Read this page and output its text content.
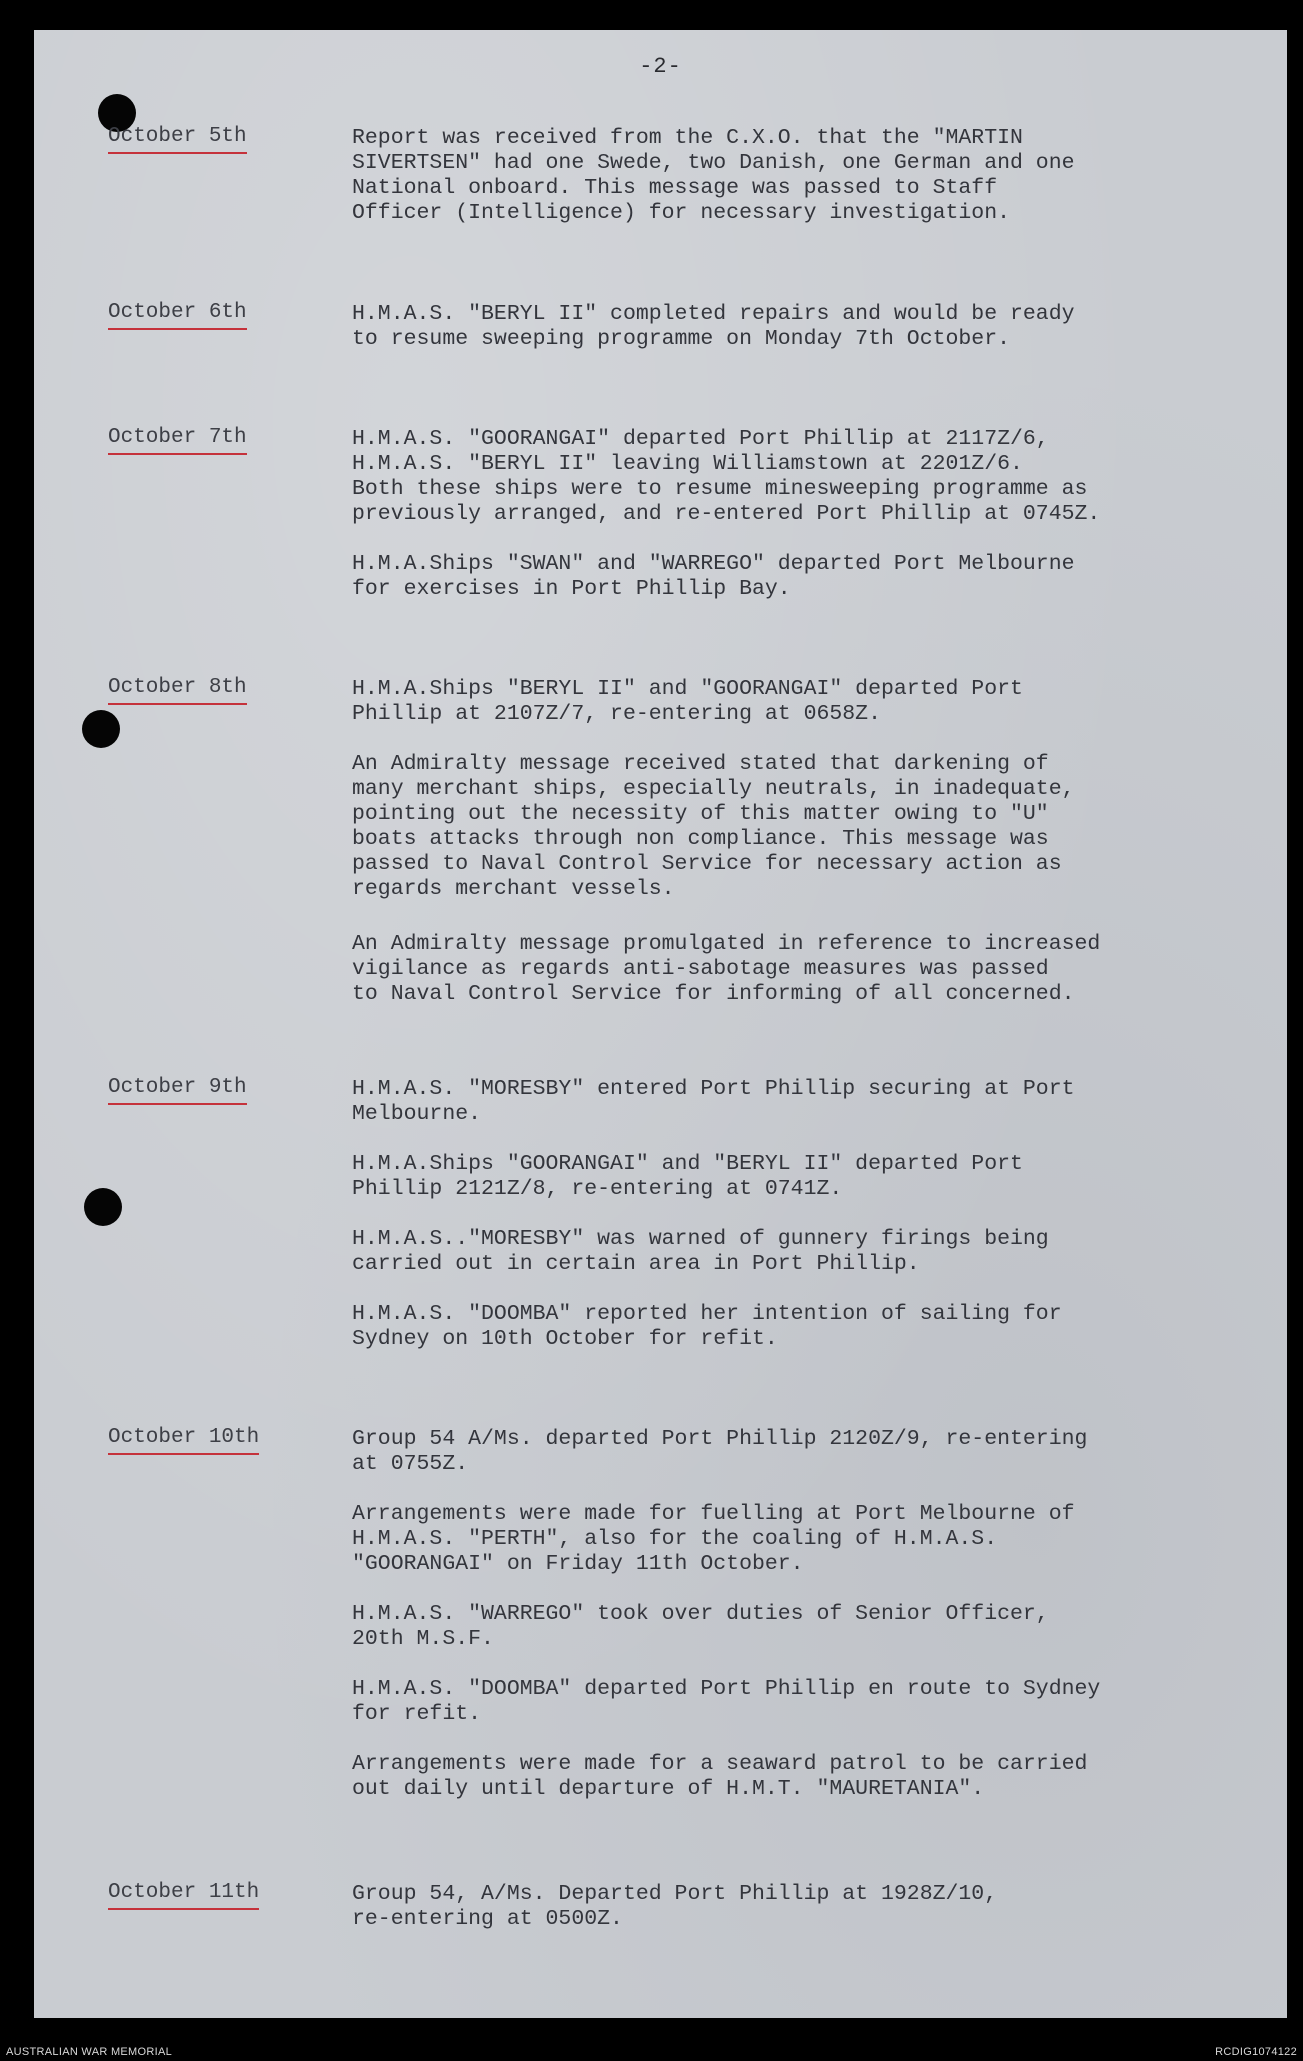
-2-
October 5th	Report was received from the C.X.O. that the "MARTIN
SIVERTSEN" had one Swede, two Danish, one German and one
National onboard. This message was passed to Staff
Officer (Intelligence) for necessary investigation.

October 6th	H.M.A.S. "BERYL II" completed repairs and would be ready
to resume sweeping programme on Monday 7th October.

October 7th	H.M.A.S. "GOORANGAI" departed Port Phillip at 2117Z/6,
H.M.A.S. "BERYL II" leaving Williamstown at 2201Z/6.
Both these ships were to resume minesweeping programme as
previously arranged, and re-entered Port Phillip at 0745Z.

H.M.A.Ships "SWAN" and "WARREGO" departed Port Melbourne
for exercises in Port Phillip Bay.

October 8th	H.M.A.Ships "BERYL II" and "GOORANGAI" departed Port
Phillip at 2107Z/7, re-entering at 0658Z.

An Admiralty message received stated that darkening of
many merchant ships, especially neutrals, in inadequate,
pointing out the necessity of this matter owing to "U"
boats attacks through non compliance. This message was
passed to Naval Control Service for necessary action as
regards merchant vessels.

An Admiralty message promulgated in reference to increased
vigilance as regards anti-sabotage measures was passed
to Naval Control Service for informing of all concerned.

October 9th	H.M.A.S. "MORESBY" entered Port Phillip securing at Port
Melbourne.

H.M.A.Ships "GOORANGAI" and "BERYL II" departed Port
Phillip 2121Z/8, re-entering at 0741Z.

H.M.A.S.."MORESBY" was warned of gunnery firings being
carried out in certain area in Port Phillip.

H.M.A.S. "DOOMBA" reported her intention of sailing for
Sydney on 10th October for refit.

October 10th	Group 54 A/Ms. departed Port Phillip 2120Z/9, re-entering
at 0755Z.

Arrangements were made for fuelling at Port Melbourne of
H.M.A.S. "PERTH", also for the coaling of H.M.A.S.
"GOORANGAI" on Friday 11th October.

H.M.A.S. "WARREGO" took over duties of Senior Officer,
20th M.S.F.

H.M.A.S. "DOOMBA" departed Port Phillip en route to Sydney
for refit.

Arrangements were made for a seaward patrol to be carried
out daily until departure of H.M.T. "MAURETANIA".

October 11th	Group 54, A/Ms. Departed Port Phillip at 1928Z/10,
re-entering at 0500Z.

AUSTRALIAN WAR MEMORIAL	RCDIG1074122
